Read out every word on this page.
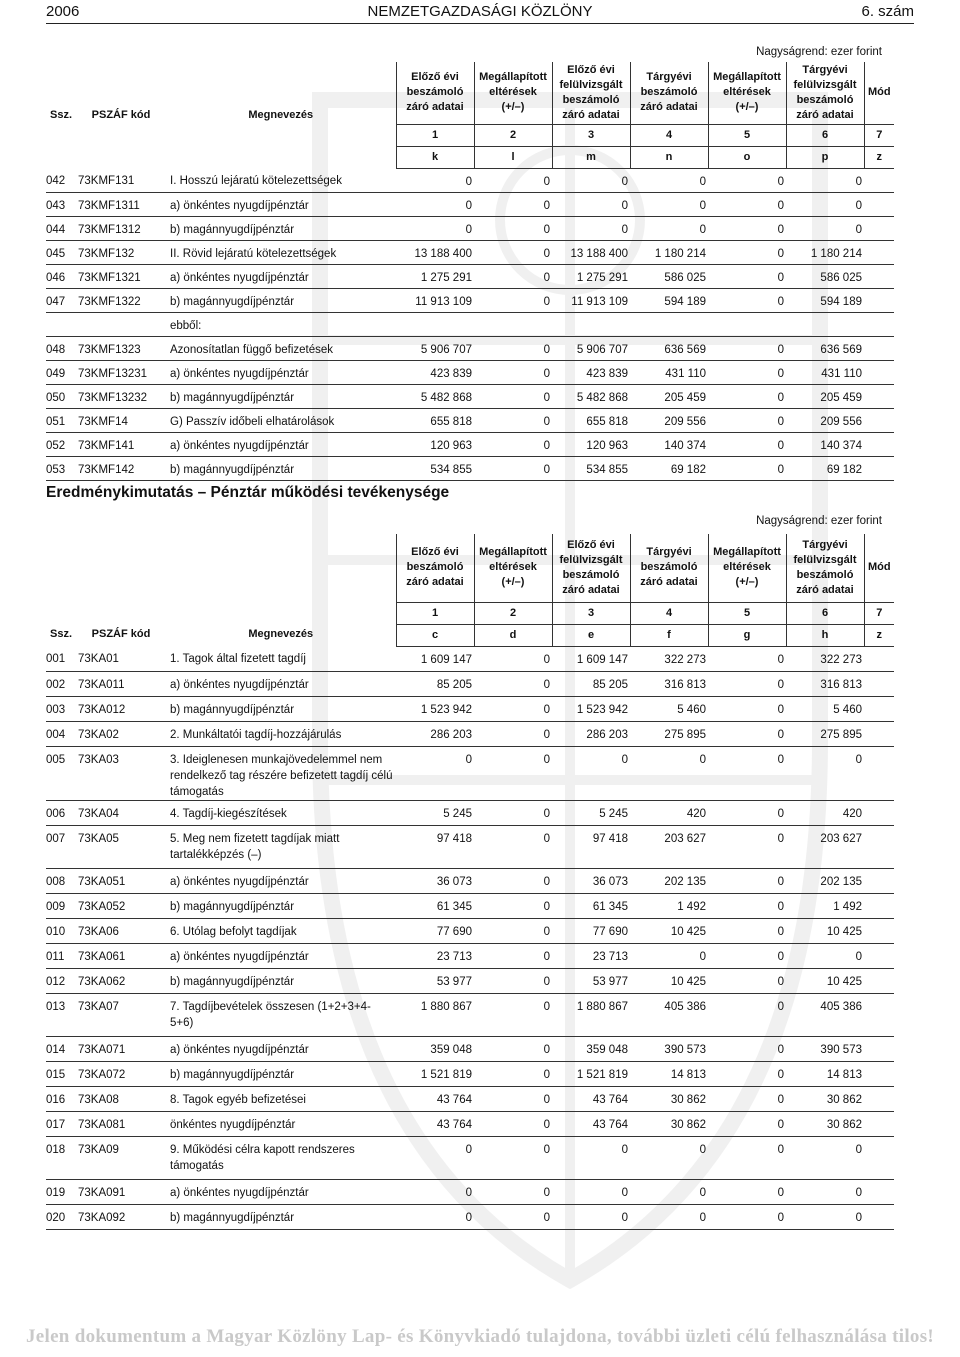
2006	NEMZETGAZDASÁGI KÖZLÖNY	6. szám
Nagyságrend: ezer forint
Ssz.	PSZÁF kód	Megnevezés	Előző évi beszámoló záró adatai	Megállapított eltérések (+/–)	Előző évi felülvizsgált beszámoló záró adatai	Tárgyévi beszámoló záró adatai	Megállapított eltérések (+/–)	Tárgyévi felülvizsgált beszámoló záró adatai	Mód
			1	2	3	4	5	6	7
			k	l	m	n	o	p	z
042	73KMF131	I. Hosszú lejáratú kötelezettségek	0	0	0	0	0	0	
043	73KMF1311	a) önkéntes nyugdíjpénztár	0	0	0	0	0	0	
044	73KMF1312	b) magánnyugdíjpénztár	0	0	0	0	0	0	
045	73KMF132	II. Rövid lejáratú kötelezettségek	13 188 400	0	13 188 400	1 180 214	0	1 180 214	
046	73KMF1321	a) önkéntes nyugdíjpénztár	1 275 291	0	1 275 291	586 025	0	586 025	
047	73KMF1322	b) magánnyugdíjpénztár	11 913 109	0	11 913 109	594 189	0	594 189	
		ebből:							
048	73KMF1323	Azonosítatlan függő befizetések	5 906 707	0	5 906 707	636 569	0	636 569	
049	73KMF13231	a) önkéntes nyugdíjpénztár	423 839	0	423 839	431 110	0	431 110	
050	73KMF13232	b) magánnyugdíjpénztár	5 482 868	0	5 482 868	205 459	0	205 459	
051	73KMF14	G) Passzív időbeli elhatárolások	655 818	0	655 818	209 556	0	209 556	
052	73KMF141	a) önkéntes nyugdíjpénztár	120 963	0	120 963	140 374	0	140 374	
053	73KMF142	b) magánnyugdíjpénztár	534 855	0	534 855	69 182	0	69 182	
Eredménykimutatás – Pénztár működési tevékenysége
Nagyságrend: ezer forint
Ssz.	PSZÁF kód	Megnevezés	Előző évi beszámoló záró adatai	Megállapított eltérések (+/–)	Előző évi felülvizsgált beszámoló záró adatai	Tárgyévi beszámoló záró adatai	Megállapított eltérések (+/–)	Tárgyévi felülvizsgált beszámoló záró adatai	Mód
			1	2	3	4	5	6	7
			c	d	e	f	g	h	z
001	73KA01	1. Tagok által fizetett tagdíj	1 609 147	0	1 609 147	322 273	0	322 273	
002	73KA011	a) önkéntes nyugdíjpénztár	85 205	0	85 205	316 813	0	316 813	
003	73KA012	b) magánnyugdíjpénztár	1 523 942	0	1 523 942	5 460	0	5 460	
004	73KA02	2. Munkáltatói tagdíj-hozzájárulás	286 203	0	286 203	275 895	0	275 895	
005	73KA03	3. Ideiglenesen munkajövedelemmel nem rendelkező tag részére befizetett tagdíj célú támogatás	0	0	0	0	0	0	
006	73KA04	4. Tagdíj-kiegészítések	5 245	0	5 245	420	0	420	
007	73KA05	5. Meg nem fizetett tagdíjak miatt tartalékképzés (–)	97 418	0	97 418	203 627	0	203 627	
008	73KA051	a) önkéntes nyugdíjpénztár	36 073	0	36 073	202 135	0	202 135	
009	73KA052	b) magánnyugdíjpénztár	61 345	0	61 345	1 492	0	1 492	
010	73KA06	6. Utólag befolyt tagdíjak	77 690	0	77 690	10 425	0	10 425	
011	73KA061	a) önkéntes nyugdíjpénztár	23 713	0	23 713	0	0	0	
012	73KA062	b) magánnyugdíjpénztár	53 977	0	53 977	10 425	0	10 425	
013	73KA07	7. Tagdíjbevételek összesen (1+2+3+4-5+6)	1 880 867	0	1 880 867	405 386	0	405 386	
014	73KA071	a) önkéntes nyugdíjpénztár	359 048	0	359 048	390 573	0	390 573	
015	73KA072	b) magánnyugdíjpénztár	1 521 819	0	1 521 819	14 813	0	14 813	
016	73KA08	8. Tagok egyéb befizetései	43 764	0	43 764	30 862	0	30 862	
017	73KA081	önkéntes nyugdíjpénztár	43 764	0	43 764	30 862	0	30 862	
018	73KA09	9. Működési célra kapott rendszeres támogatás	0	0	0	0	0	0	
019	73KA091	a) önkéntes nyugdíjpénztár	0	0	0	0	0	0	
020	73KA092	b) magánnyugdíjpénztár	0	0	0	0	0	0	
Jelen dokumentum a Magyar Közlöny Lap- és Könyvkiadó tulajdona, további üzleti célú felhasználása tilos!
